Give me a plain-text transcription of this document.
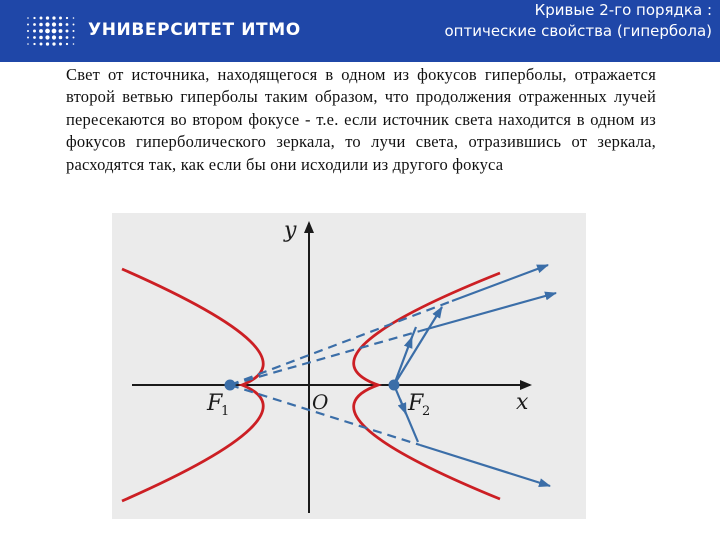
УНИВЕРСИТЕТ ИТМО
Кривые 2-го порядка :
оптические свойства (гипербола)
Свет от источника, находящегося в одном из фокусов гиперболы, отражается второй ветвью гиперболы таким образом, что продолжения отраженных лучей пересекаются во втором фокусе - т.е. если источник света находится в одном из фокусов гиперболического зеркала, то лучи света, отразившись от зеркала, расходятся так, как если бы они исходили из другого фокуса
y
x
O
F
1	F
2
